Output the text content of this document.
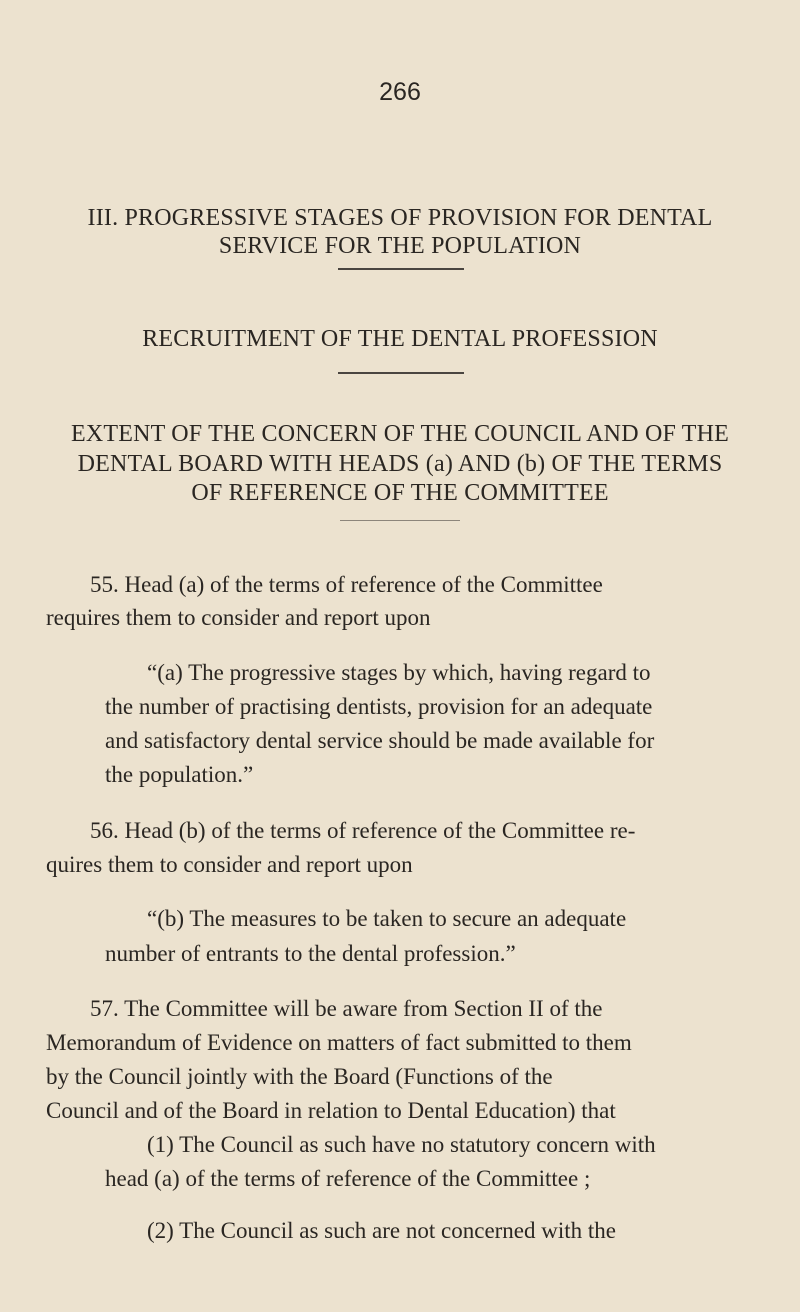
266
III. PROGRESSIVE STAGES OF PROVISION FOR DENTAL
SERVICE FOR THE POPULATION
RECRUITMENT OF THE DENTAL PROFESSION
EXTENT OF THE CONCERN OF THE COUNCIL AND OF THE
DENTAL BOARD WITH HEADS (a) AND (b) OF THE TERMS
OF REFERENCE OF THE COMMITTEE
55. Head (a) of the terms of reference of the Committee
requires them to consider and report upon
“(a) The progressive stages by which, having regard to
the number of practising dentists, provision for an adequate
and satisfactory dental service should be made available for
the population.”
56. Head (b) of the terms of reference of the Committee re-
quires them to consider and report upon
“(b) The measures to be taken to secure an adequate
number of entrants to the dental profession.”
57. The Committee will be aware from Section II of the
Memorandum of Evidence on matters of fact submitted to them
by the Council jointly with the Board (Functions of the
Council and of the Board in relation to Dental Education) that
(1) The Council as such have no statutory concern with
head (a) of the terms of reference of the Committee ;
(2) The Council as such are not concerned with the
